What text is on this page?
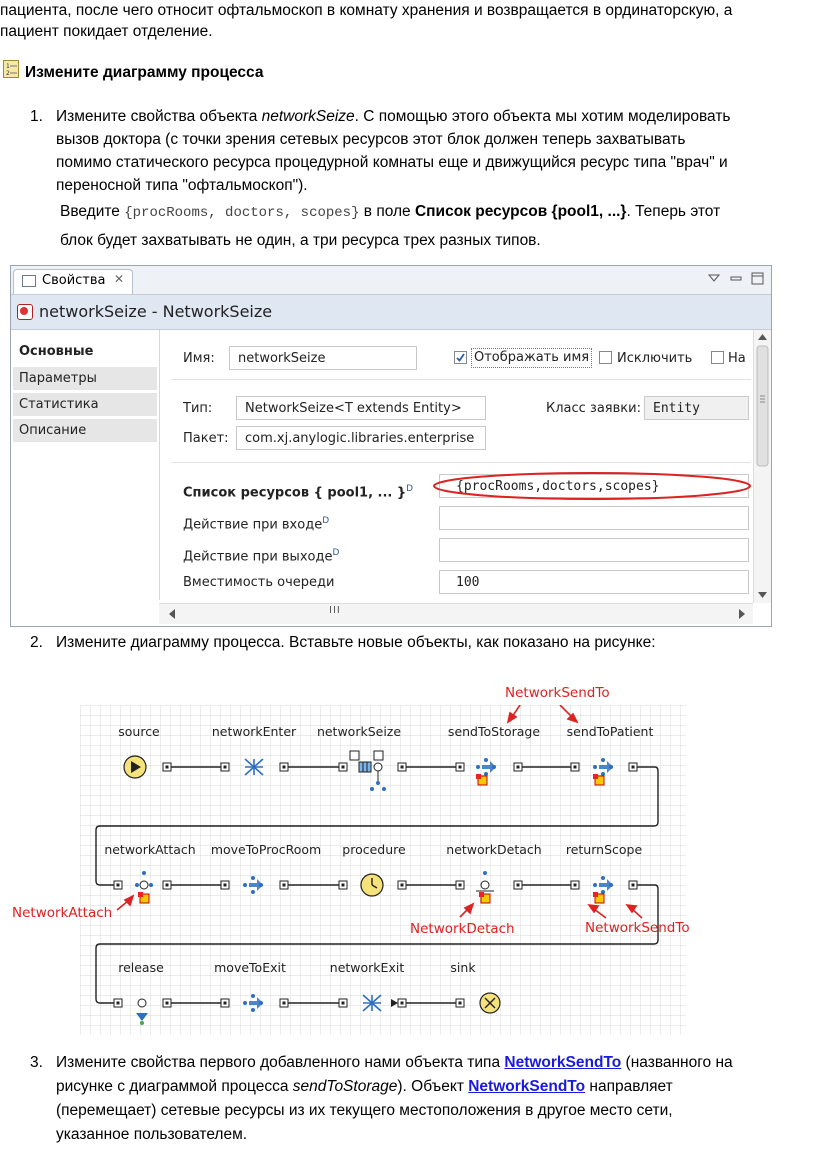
пациента, после чего относит офтальмоскоп в комнату хранения и возвращается в ординаторскую, а
пациент покидает отделение.
1
2 Измените диаграмму процесса
1. Измените свойства объекта networkSeize. С помощью этого объекта мы хотим моделировать
вызов доктора (с точки зрения сетевых ресурсов этот блок должен теперь захватывать
помимо статического ресурса процедурной комнаты еще и движущийся ресурс типа "врач" и
переносной типа "офтальмоскоп").
Введите {procRooms, doctors, scopes} в поле Список ресурсов {pool1, ...}. Теперь этот
блок будет захватывать не один, а три ресурса трех разных типов.
Свойства ✕
networkSeize - NetworkSeize
Основные
Параметры
Статистика
Описание
Имя:	networkSeize	Отображать имя Исключить	На
Тип:	NetworkSeize<T extends Entity>	Класс заявки: Entity
Пакет:	com.xj.anylogic.libraries.enterprise
Список ресурсов { pool1, ... }$^D$	{procRooms,doctors,scopes}
Действие при входе$^D$
Действие при выходе$^D$
Вместимость очереди	100
III
2. Измените диаграмму процесса. Вставьте новые объекты, как показано на рисунке:
source	networkEnter networkSeize	sendToStorage sendToPatient
networkAttach moveToProcRoom procedure	networkDetach returnScope
release	moveToExit	networkExit	sink
NetworkSendTo
NetworkAttach
NetworkDetach	NetworkSendTo
3. Измените свойства первого добавленного нами объекта типа NetworkSendTo (названного на
рисунке с диаграммой процесса sendToStorage). Объект NetworkSendTo направляет
(перемещает) сетевые ресурсы из их текущего местоположения в другое место сети,
указанное пользователем.
